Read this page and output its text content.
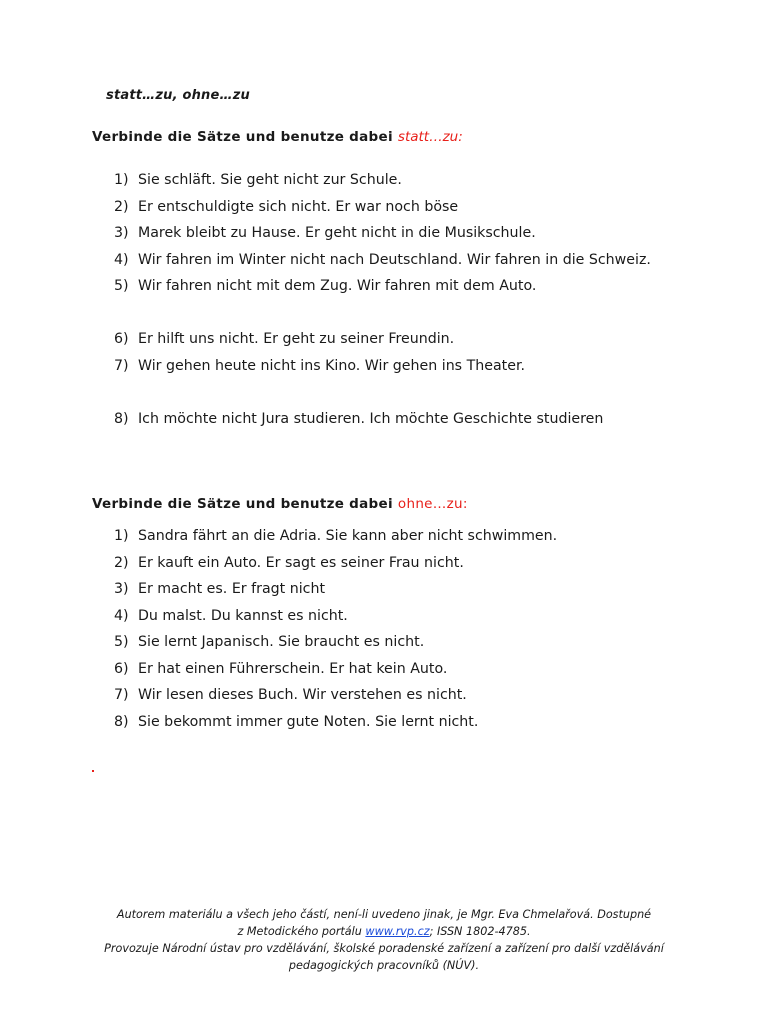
statt…zu, ohne…zu
Verbinde die Sätze und benutze dabei statt…zu:
1) Sie schläft. Sie geht nicht zur Schule.
2) Er entschuldigte sich nicht. Er war noch böse
3) Marek bleibt zu Hause. Er geht nicht in die Musikschule.
4) Wir fahren im Winter nicht nach Deutschland. Wir fahren in die Schweiz.
5) Wir fahren nicht mit dem Zug. Wir fahren mit dem Auto.
6) Er hilft uns nicht. Er geht zu seiner Freundin.
7) Wir gehen heute nicht ins Kino. Wir gehen ins Theater.
8) Ich möchte nicht Jura studieren. Ich möchte Geschichte studieren
Verbinde die Sätze und benutze dabei ohne…zu:
1) Sandra fährt an die Adria. Sie kann aber nicht schwimmen.
2) Er kauft ein Auto. Er sagt es seiner Frau nicht.
3) Er macht es. Er fragt nicht
4) Du malst. Du kannst es nicht.
5) Sie lernt Japanisch. Sie braucht es nicht.
6) Er hat einen Führerschein. Er hat kein Auto.
7) Wir lesen dieses Buch. Wir verstehen es nicht.
8) Sie bekommt immer gute Noten. Sie lernt nicht.
Autorem materiálu a všech jeho částí, není-li uvedeno jinak, je Mgr. Eva Chmelařová. Dostupné
z Metodického portálu www.rvp.cz; ISSN 1802-4785.
Provozuje Národní ústav pro vzdělávání, školské poradenské zařízení a zařízení pro další vzdělávání
pedagogických pracovníků (NÚV).
